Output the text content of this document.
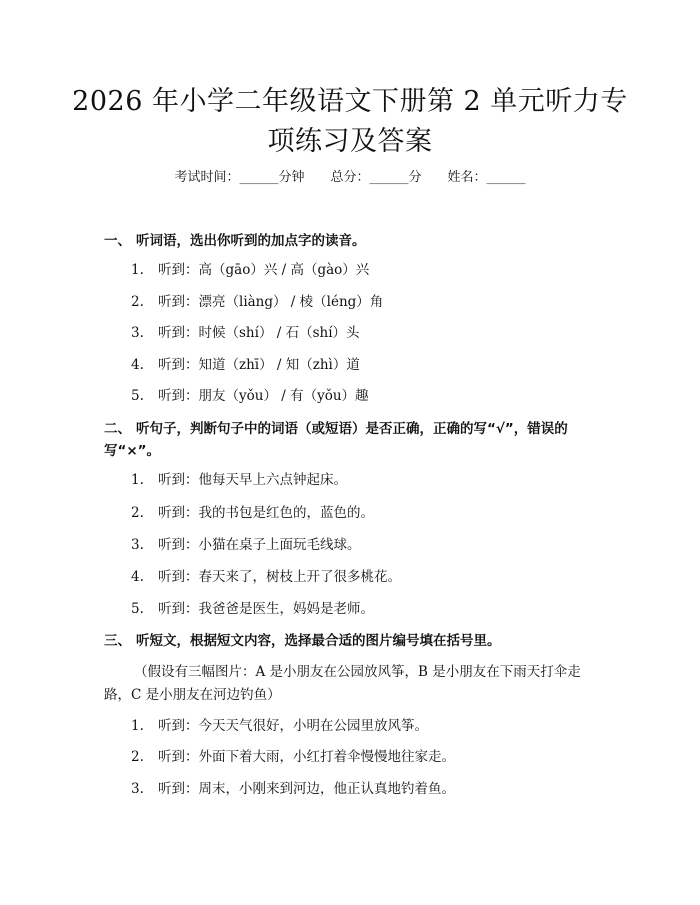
2026 年小学二年级语文下册第 2 单元听力专
项练习及答案
考试时间：______分钟 总分：______分 姓名：______
一、 听词语，选出你听到的加点字的读音。
1. 听到：高（gāo）兴 / 高（gào）兴
2. 听到：漂亮（liàng） / 棱（léng）角
3. 听到：时候（shí） / 石（shí）头
4. 听到：知道（zhī） / 知（zhì）道
5. 听到：朋友（yǒu） / 有（yǒu）趣
二、 听句子，判断句子中的词语（或短语）是否正确，正确的写“√”，错误的
写“×”。
1. 听到：他每天早上六点钟起床。
2. 听到：我的书包是红色的，蓝色的。
3. 听到：小猫在桌子上面玩毛线球。
4. 听到：春天来了，树枝上开了很多桃花。
5. 听到：我爸爸是医生，妈妈是老师。
三、 听短文，根据短文内容，选择最合适的图片编号填在括号里。
（假设有三幅图片：A 是小朋友在公园放风筝，B 是小朋友在下雨天打伞走路，C 是小朋友在河边钓鱼）
1. 听到：今天天气很好，小明在公园里放风筝。
2. 听到：外面下着大雨，小红打着伞慢慢地往家走。
3. 听到：周末，小刚来到河边，他正认真地钓着鱼。
